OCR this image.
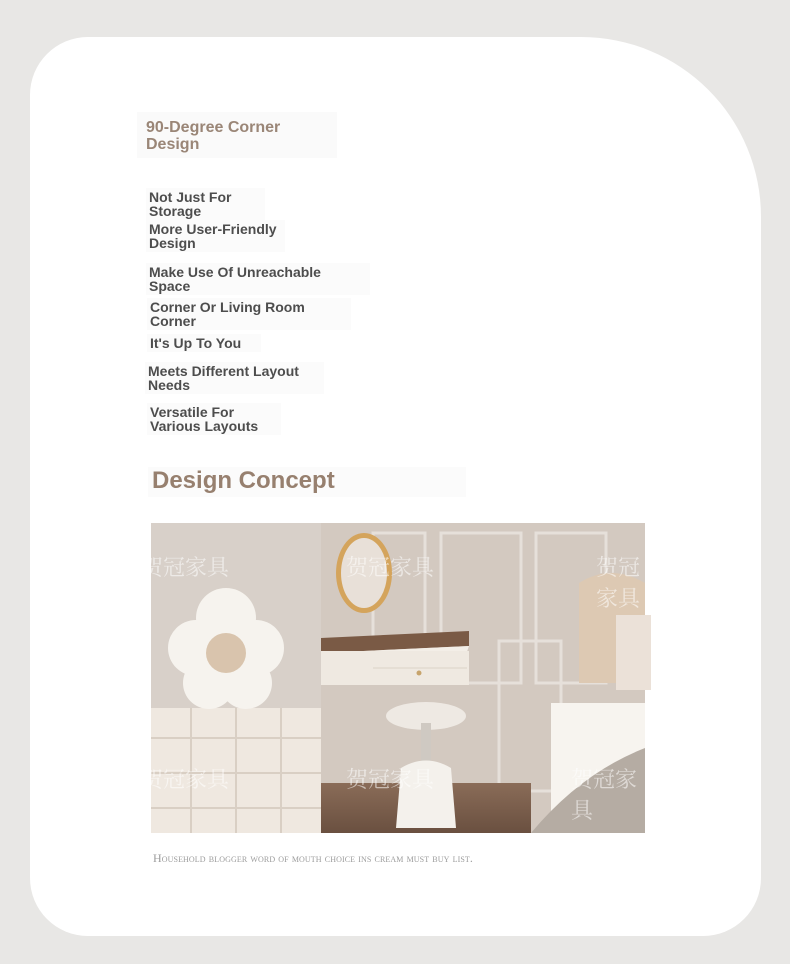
90-Degree Corner Design
Not Just For Storage
More User-Friendly Design
Make Use Of Unreachable Space
Corner Or Living Room Corner
It's Up To You
Meets Different Layout Needs
Versatile For Various Layouts
Design Concept
贺冠家具	贺冠家具	贺冠家具
贺冠家具	贺冠家具	贺冠家具
Household blogger word of mouth choice ins cream must buy list.
